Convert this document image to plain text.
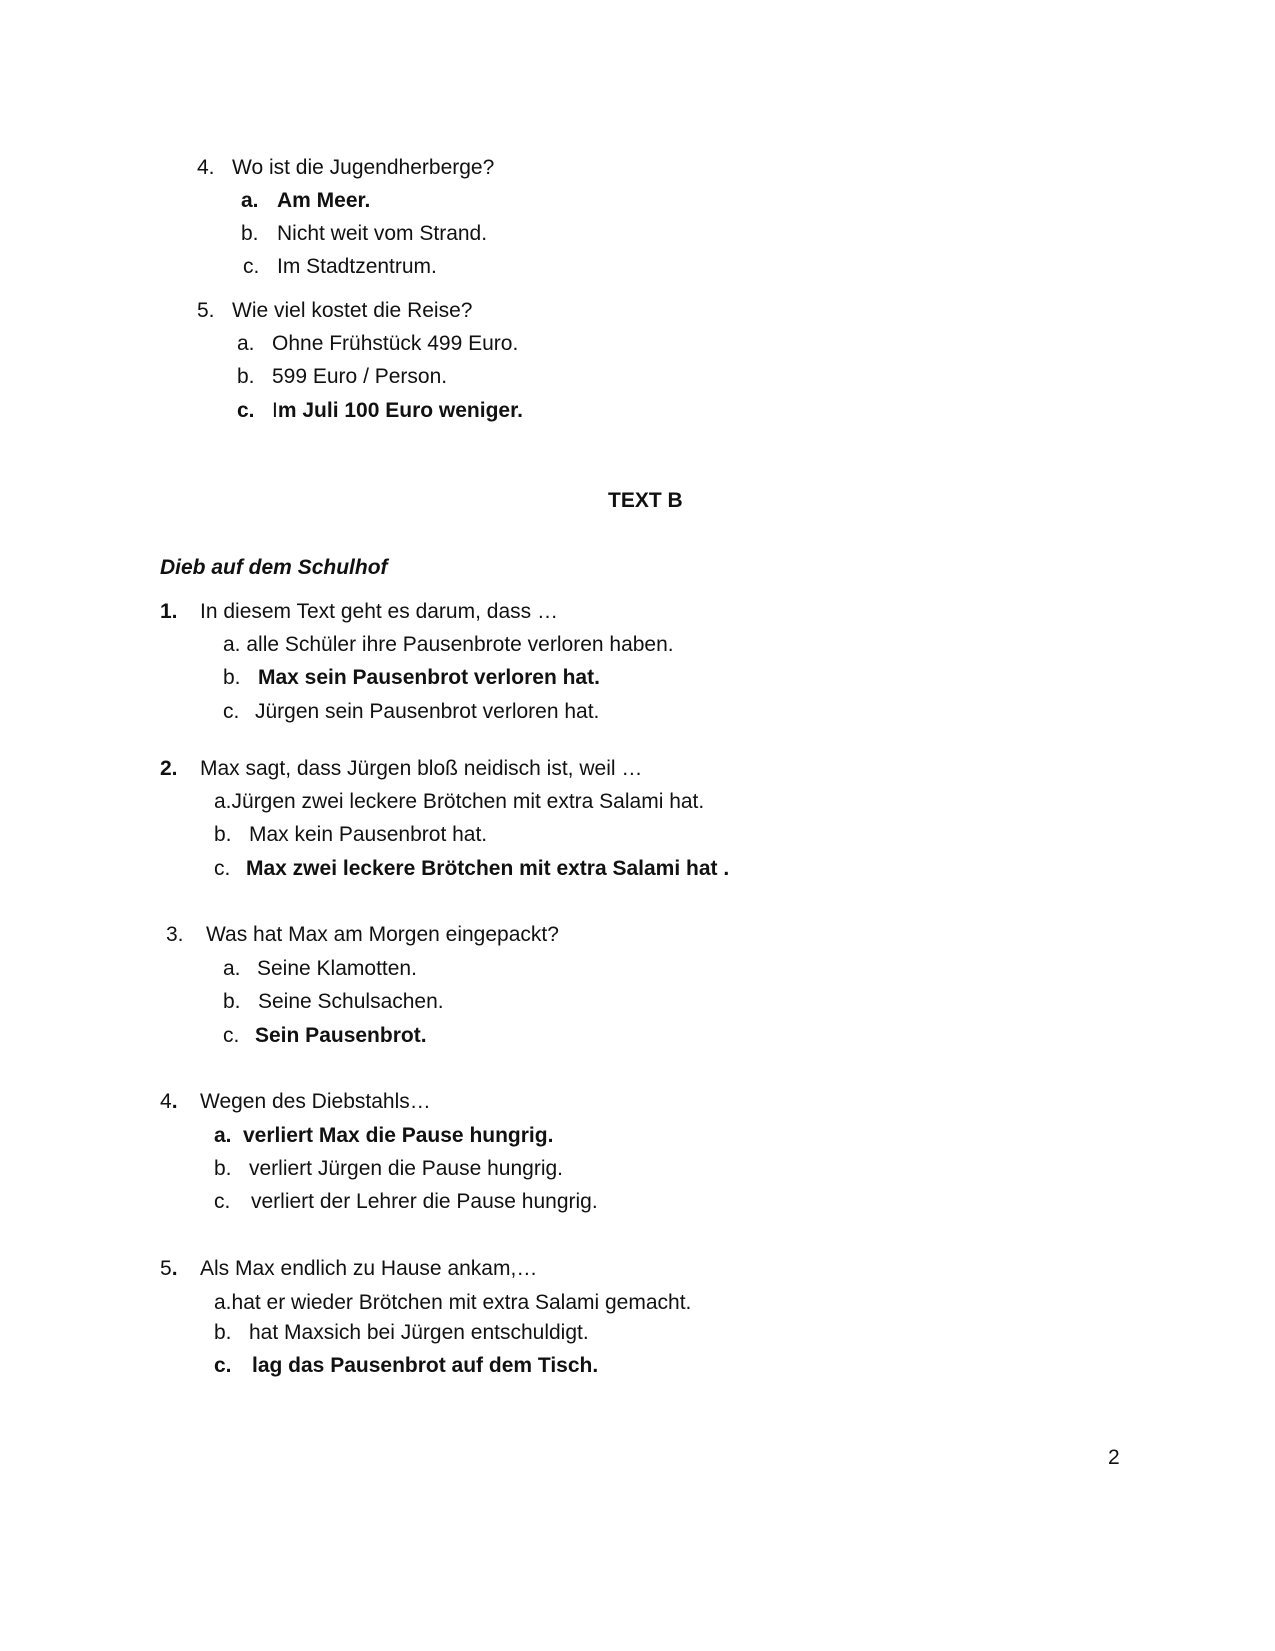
4. Wo ist die Jugendherberge?
a. Am Meer.
b. Nicht weit vom Strand.
c. Im Stadtzentrum.
5. Wie viel kostet die Reise?
a. Ohne Frühstück 499 Euro.
b. 599 Euro / Person.
c. Im Juli 100 Euro weniger.
TEXT B
Dieb auf dem Schulhof
1. In diesem Text geht es darum, dass …
a. alle Schüler ihre Pausenbrote verloren haben.
b. Max sein Pausenbrot verloren hat.
c. Jürgen sein Pausenbrot verloren hat.
2. Max sagt, dass Jürgen bloß neidisch ist, weil …
a.Jürgen zwei leckere Brötchen mit extra Salami hat.
b. Max kein Pausenbrot hat.
c. Max zwei leckere Brötchen mit extra Salami hat .
3. Was hat Max am Morgen eingepackt?
a. Seine Klamotten.
b. Seine Schulsachen.
c. Sein Pausenbrot.
4. Wegen des Diebstahls…
a. verliert Max die Pause hungrig.
b. verliert Jürgen die Pause hungrig.
c. verliert der Lehrer die Pause hungrig.
5. Als Max endlich zu Hause ankam,…
a.hat er wieder Brötchen mit extra Salami gemacht.
b. hat Maxsich bei Jürgen entschuldigt.
c. lag das Pausenbrot auf dem Tisch.
2
